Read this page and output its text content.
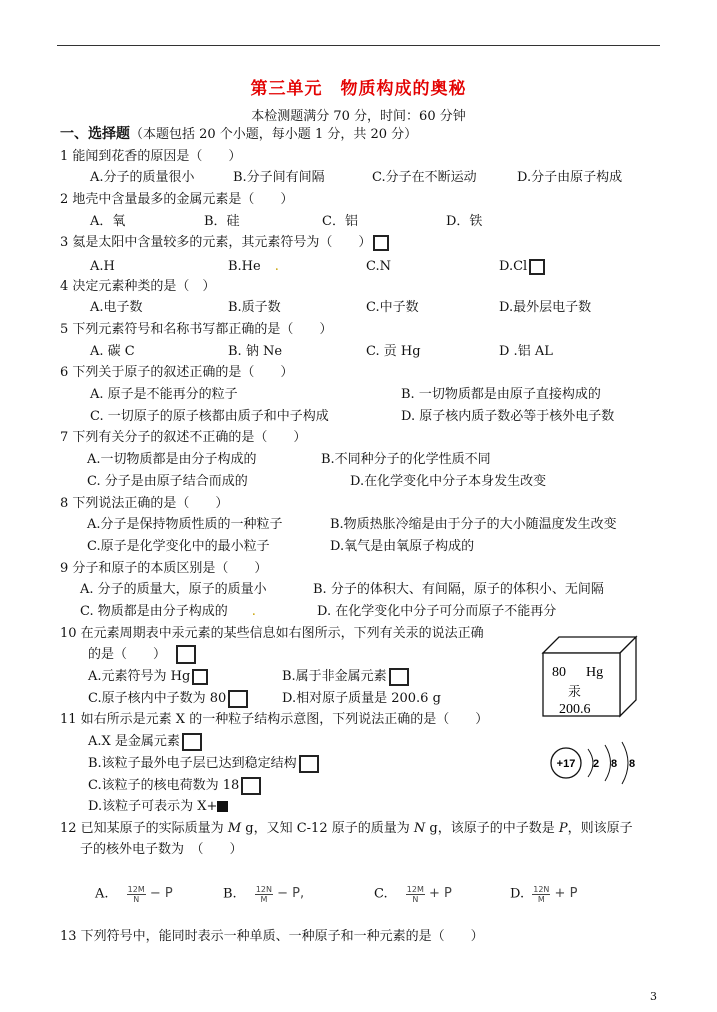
第三单元　物质构成的奥秘
本检测题满分 70 分，时间：60 分钟
一、选择题（本题包括 20 个小题，每小题 1 分，共 20 分）
1 能闻到花香的原因是（　　）
A.分子的质量很小	B.分子间有间隔	C.分子在不断运动	D.分子由原子构成
2 地壳中含量最多的金属元素是（　　）
A．氧	B．硅	C．铝	D．铁
3 氦是太阳中含量较多的元素，其元素符号为（　　）
A.H	B.He .	C.N	D.Cl
4 决定元素种类的是（　）
A.电子数	B.质子数	C.中子数	D.最外层电子数
5 下列元素符号和名称书写都正确的是（　　）
A. 碳 C	B. 钠 Ne	C. 贡 Hg	D .铝 AL
6 下列关于原子的叙述正确的是（　　）
A. 原子是不能再分的粒子	B. 一切物质都是由原子直接构成的
C. 一切原子的原子核都由质子和中子构成	D. 原子核内质子数必等于核外电子数
7 下列有关分子的叙述不正确的是（　　）
A.一切物质都是由分子构成的	B.不同种分子的化学性质不同
C. 分子是由原子结合而成的	D.在化学变化中分子本身发生改变
8 下列说法正确的是（　　）
A.分子是保持物质性质的一种粒子	B.物质热胀冷缩是由于分子的大小随温度发生改变
C.原子是化学变化中的最小粒子	D.氧气是由氧原子构成的
9 分子和原子的本质区别是（　　）
A. 分子的质量大，原子的质量小	B. 分子的体积大、有间隔，原子的体积小、无间隔
C. 物质都是由分子构成的 .	D. 在化学变化中分子可分而原子不能再分
10 在元素周期表中汞元素的某些信息如右图所示，下列有关汞的说法正确
的是（　　）
A.元素符号为 Hg	B.属于非金属元素
C.原子核内中子数为 80	D.相对原子质量是 200.6 g
80 Hg
汞
200.6
11 如右所示是元素 X 的一种粒子结构示意图，下列说法正确的是（　　）
A.X 是金属元素
B.该粒子最外电子层已达到稳定结构
C.该粒子的核电荷数为 18
D.该粒子可表示为 X+
+17 2 8 8
12 已知某原子的实际质量为 M g，又知 C-12 原子的质量为 N g，该原子的中子数是 P，则该原子
子的核外电子数为　（　　）
A. $\frac{12M}{N} - P$	B. $\frac{12N}{M} - P$,	C. $\frac{12M}{N} + P$	D. $\frac{12N}{M} + P$
13 下列符号中，能同时表示一种单质、一种原子和一种元素的是（　　）
3
